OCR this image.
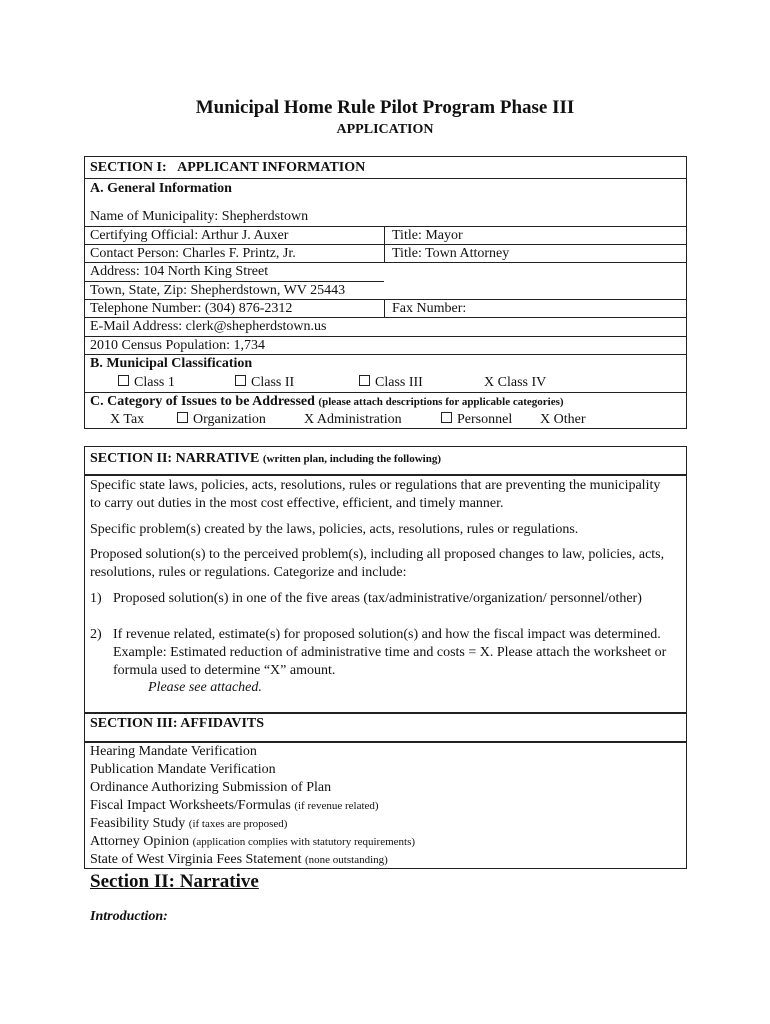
Municipal Home Rule Pilot Program Phase III
APPLICATION
SECTION I: APPLICANT INFORMATION
A. General Information
Name of Municipality: Shepherdstown
Certifying Official: Arthur J. Auxer	Title: Mayor
Contact Person: Charles F. Printz, Jr.	Title: Town Attorney
Address: 104 North King Street
Town, State, Zip: Shepherdstown, WV 25443
Telephone Number: (304) 876-2312	Fax Number:
E-Mail Address: clerk@shepherdstown.us
2010 Census Population: 1,734
B. Municipal Classification
Class 1	Class II	Class III	X Class IV
C. Category of Issues to be Addressed (please attach descriptions for applicable categories)
X Tax	Organization	X Administration	Personnel X Other
SECTION II: NARRATIVE (written plan, including the following)
Specific state laws, policies, acts, resolutions, rules or regulations that are preventing the municipality to carry out duties in the most cost effective, efficient, and timely manner.
Specific problem(s) created by the laws, policies, acts, resolutions, rules or regulations.
Proposed solution(s) to the perceived problem(s), including all proposed changes to law, policies, acts, resolutions, rules or regulations. Categorize and include:
1) Proposed solution(s) in one of the five areas (tax/administrative/organization/ personnel/other)
2) If revenue related, estimate(s) for proposed solution(s) and how the fiscal impact was determined. Example: Estimated reduction of administrative time and costs = X. Please attach the worksheet or formula used to determine “X” amount.
Please see attached.
SECTION III: AFFIDAVITS
Hearing Mandate Verification
Publication Mandate Verification
Ordinance Authorizing Submission of Plan
Fiscal Impact Worksheets/Formulas (if revenue related)
Feasibility Study (if taxes are proposed)
Attorney Opinion (application complies with statutory requirements)
State of West Virginia Fees Statement (none outstanding)
Section II: Narrative
Introduction:
